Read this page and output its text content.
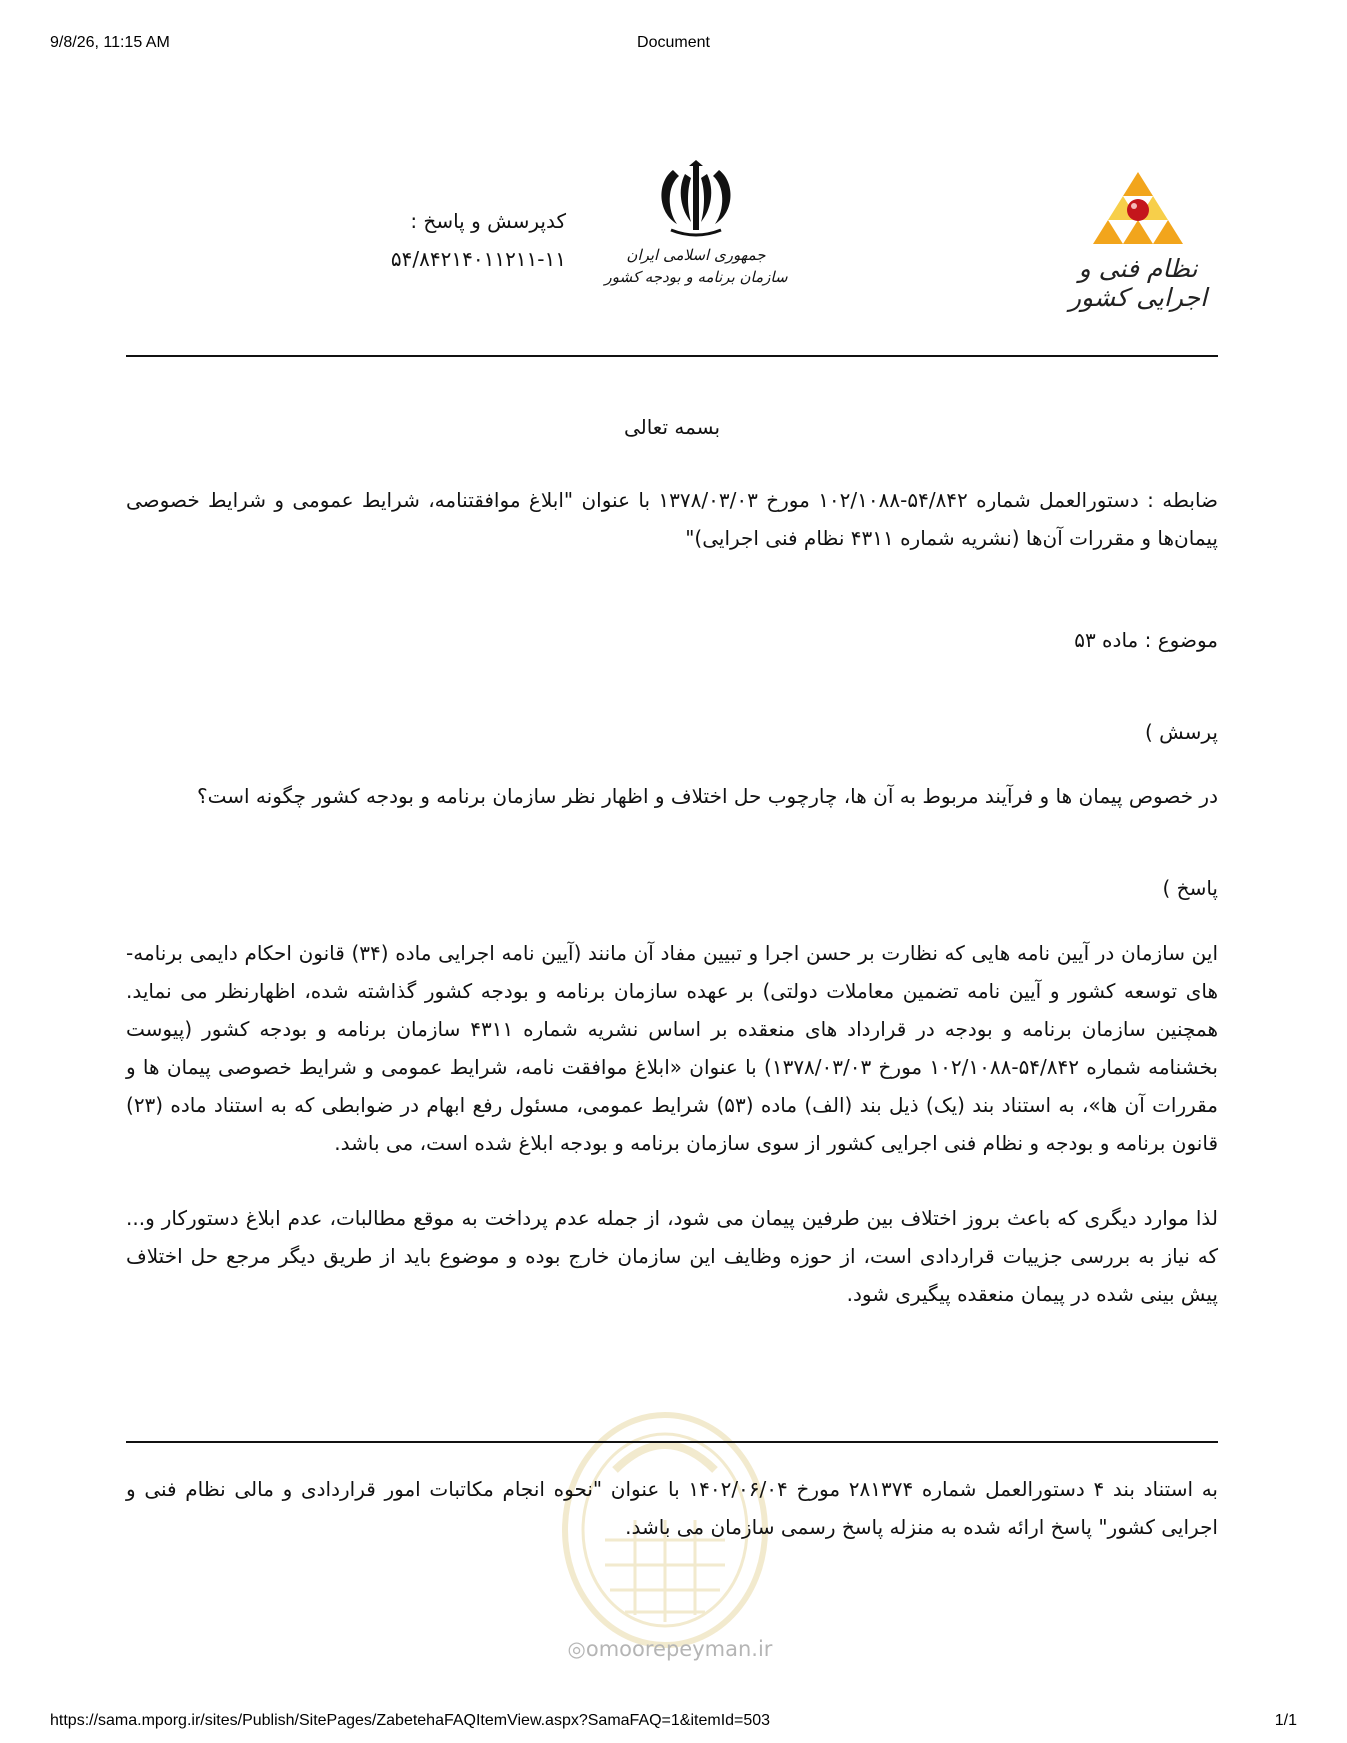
9/8/26, 11:15 AM	Document
کدپرسش و پاسخ :
۵۴/۸۴۲۱۴۰۱۱۲۱۱-۱۱	جمهوری اسلامی ایران
سازمان برنامه و بودجه کشور	نظام فنی و اجرایی کشور

بسمه تعالی

ضابطه : دستورالعمل شماره ۵۴/۸۴۲-۱۰۲/۱۰۸۸ مورخ ۱۳۷۸/۰۳/۰۳ با عنوان "ابلاغ موافقتنامه، شرایط عمومی و شرایط خصوصی پیمان‌ها و مقررات آن‌ها (نشریه شماره ۴۳۱۱ نظام فنی اجرایی)"

موضوع : ماده ۵۳

پرسش )

در خصوص پیمان ها و فرآیند مربوط به آن ها، چارچوب حل اختلاف و اظهار نظر سازمان برنامه و بودجه کشور چگونه است؟

پاسخ )

این سازمان در آیین نامه هایی که نظارت بر حسن اجرا و تبیین مفاد آن مانند (آیین نامه اجرایی ماده (۳۴) قانون احکام دایمی برنامه-های توسعه کشور و آیین نامه تضمین معاملات دولتی) بر عهده سازمان برنامه و بودجه کشور گذاشته شده، اظهارنظر می نماید. همچنین سازمان برنامه و بودجه در قرارداد های منعقده بر اساس نشریه شماره ۴۳۱۱ سازمان برنامه و بودجه کشور (پیوست بخشنامه شماره ۵۴/۸۴۲-۱۰۲/۱۰۸۸ مورخ ۱۳۷۸/۰۳/۰۳) با عنوان «ابلاغ موافقت نامه، شرایط عمومی و شرایط خصوصی پیمان ها و مقررات آن ها»، به استناد بند (یک) ذیل بند (الف) ماده (۵۳) شرایط عمومی، مسئول رفع ابهام در ضوابطی که به استناد ماده (۲۳) قانون برنامه و بودجه و نظام فنی اجرایی کشور از سوی سازمان برنامه و بودجه ابلاغ شده است، می باشد.

لذا موارد دیگری که باعث بروز اختلاف بین طرفین پیمان می شود، از جمله عدم پرداخت به موقع مطالبات، عدم ابلاغ دستورکار و... که نیاز به بررسی جزییات قراردادی است، از حوزه وظایف این سازمان خارج بوده و موضوع باید از طریق دیگر مرجع حل اختلاف پیش بینی شده در پیمان منعقده پیگیری شود.

◎omoorepeyman.ir

به استناد بند ۴ دستورالعمل شماره ۲۸۱۳۷۴ مورخ ۱۴۰۲/۰۶/۰۴ با عنوان "نحوه انجام مکاتبات امور قراردادی و مالی نظام فنی و اجرایی کشور" پاسخ ارائه شده به منزله پاسخ رسمی سازمان می باشد.

https://sama.mporg.ir/sites/Publish/SitePages/ZabetehaFAQItemView.aspx?SamaFAQ=1&itemId=503	1/1
